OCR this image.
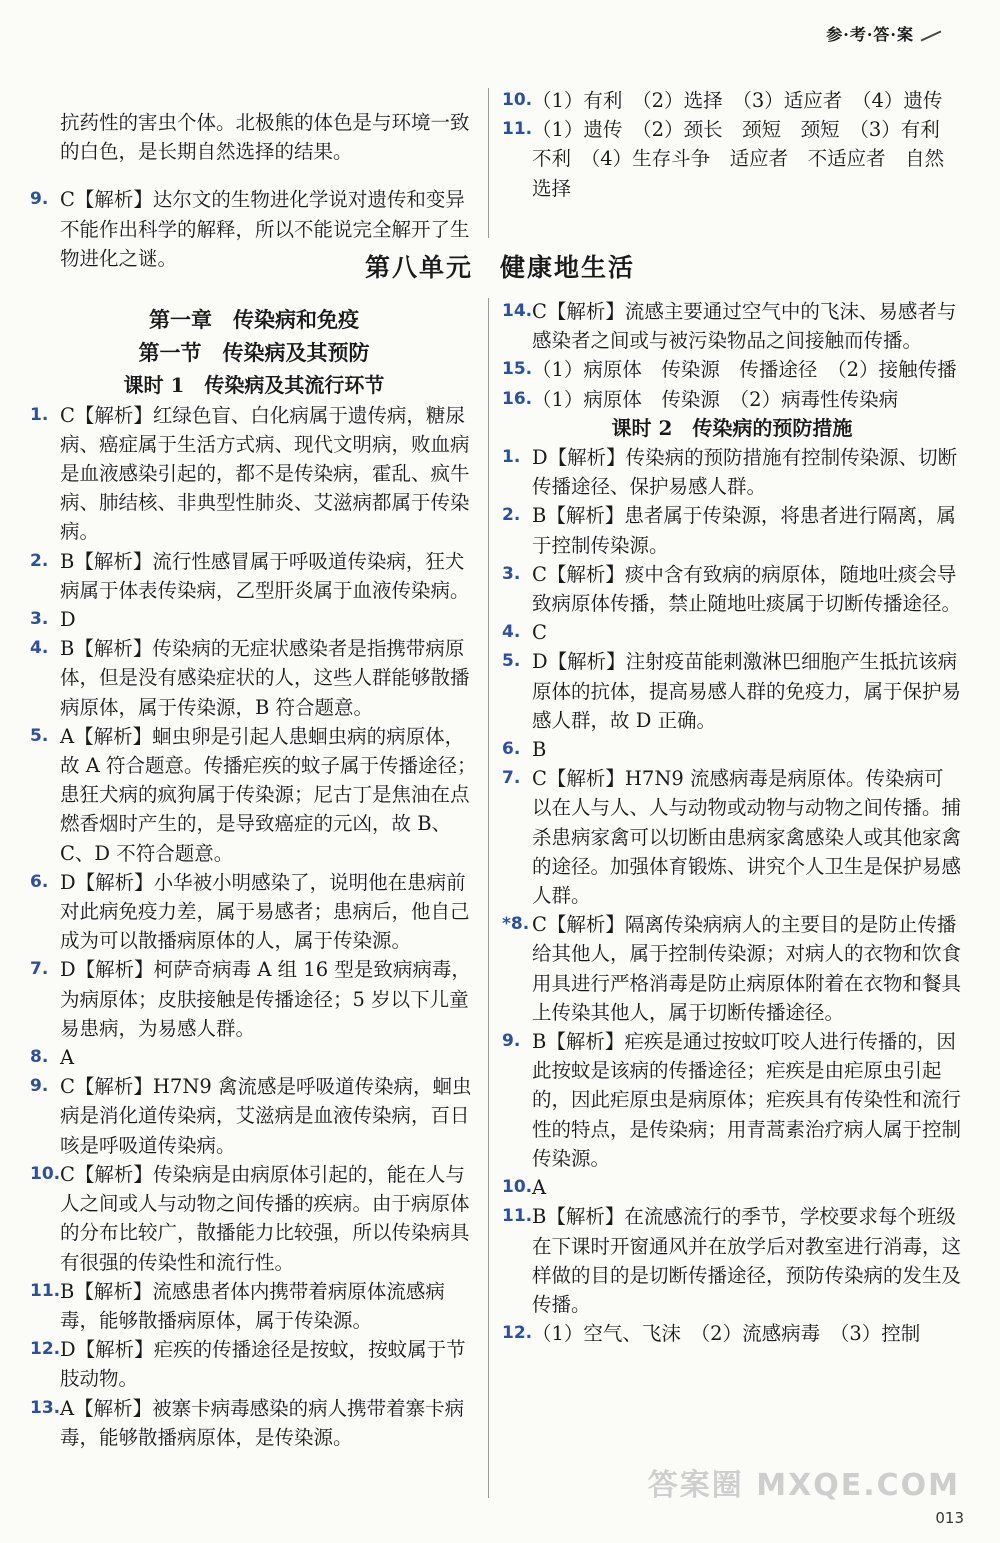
参·考·答·案

抗药性的害虫个体。北极熊的体色是与环境一致的白色，是长期自然选择的结果。

9. C【解析】达尔文的生物进化学说对遗传和变异不能作出科学的解释，所以不能说完全解开了生物进化之谜。
10. （1）有利　（2）选择　（3）适应者　（4）遗传
11. （1）遗传　（2）颈长　颈短　颈短　（3）有利　不利　（4）生存斗争　适应者　不适应者　自然选择
第八单元　健康地生活
第一章　传染病和免疫
第一节　传染病及其预防
课时 1　传染病及其流行环节
1. C【解析】红绿色盲、白化病属于遗传病，糖尿病、癌症属于生活方式病、现代文明病，败血病是血液感染引起的，都不是传染病，霍乱、疯牛病、肺结核、非典型性肺炎、艾滋病都属于传染病。
2. B【解析】流行性感冒属于呼吸道传染病，狂犬病属于体表传染病，乙型肝炎属于血液传染病。
3. D
4. B【解析】传染病的无症状感染者是指携带病原体，但是没有感染症状的人，这些人群能够散播病原体，属于传染源，B 符合题意。
5. A【解析】蛔虫卵是引起人患蛔虫病的病原体，故 A 符合题意。传播疟疾的蚊子属于传播途径；患狂犬病的疯狗属于传染源；尼古丁是焦油在点燃香烟时产生的，是导致癌症的元凶，故 B、C、D 不符合题意。
6. D【解析】小华被小明感染了，说明他在患病前对此病免疫力差，属于易感者；患病后，他自己成为可以散播病原体的人，属于传染源。
7. D【解析】柯萨奇病毒 A 组 16 型是致病病毒，为病原体；皮肤接触是传播途径；5 岁以下儿童易患病，为易感人群。
8. A
9. C【解析】H7N9 禽流感是呼吸道传染病，蛔虫病是消化道传染病，艾滋病是血液传染病，百日咳是呼吸道传染病。
10. C【解析】传染病是由病原体引起的，能在人与人之间或人与动物之间传播的疾病。由于病原体的分布比较广，散播能力比较强，所以传染病具有很强的传染性和流行性。
11. B【解析】流感患者体内携带着病原体流感病毒，能够散播病原体，属于传染源。
12. D【解析】疟疾的传播途径是按蚊，按蚊属于节肢动物。
13. A【解析】被寨卡病毒感染的病人携带着寨卡病毒，能够散播病原体，是传染源。
14. C【解析】流感主要通过空气中的飞沫、易感者与感染者之间或与被污染物品之间接触而传播。
15. （1）病原体　传染源　传播途径　（2）接触传播
16. （1）病原体　传染源　（2）病毒性传染病
课时 2　传染病的预防措施
1. D【解析】传染病的预防措施有控制传染源、切断传播途径、保护易感人群。
2. B【解析】患者属于传染源，将患者进行隔离，属于控制传染源。
3. C【解析】痰中含有致病的病原体，随地吐痰会导致病原体传播，禁止随地吐痰属于切断传播途径。
4. C
5. D【解析】注射疫苗能刺激淋巴细胞产生抵抗该病原体的抗体，提高易感人群的免疫力，属于保护易感人群，故 D 正确。
6. B
7. C【解析】H7N9 流感病毒是病原体。传染病可以在人与人、人与动物或动物与动物之间传播。捕杀患病家禽可以切断由患病家禽感染人或其他家禽的途径。加强体育锻炼、讲究个人卫生是保护易感人群。
*8. C【解析】隔离传染病病人的主要目的是防止传播给其他人，属于控制传染源；对病人的衣物和饮食用具进行严格消毒是防止病原体附着在衣物和餐具上传染其他人，属于切断传播途径。
9. B【解析】疟疾是通过按蚊叮咬人进行传播的，因此按蚊是该病的传播途径；疟疾是由疟原虫引起的，因此疟原虫是病原体；疟疾具有传染性和流行性的特点，是传染病；用青蒿素治疗病人属于控制传染源。
10. A
11. B【解析】在流感流行的季节，学校要求每个班级在下课时开窗通风并在放学后对教室进行消毒，这样做的目的是切断传播途径，预防传染病的发生及传播。
12. （1）空气、飞沫　（2）流感病毒　（3）控制
答案圈 MXQE.COM
013
